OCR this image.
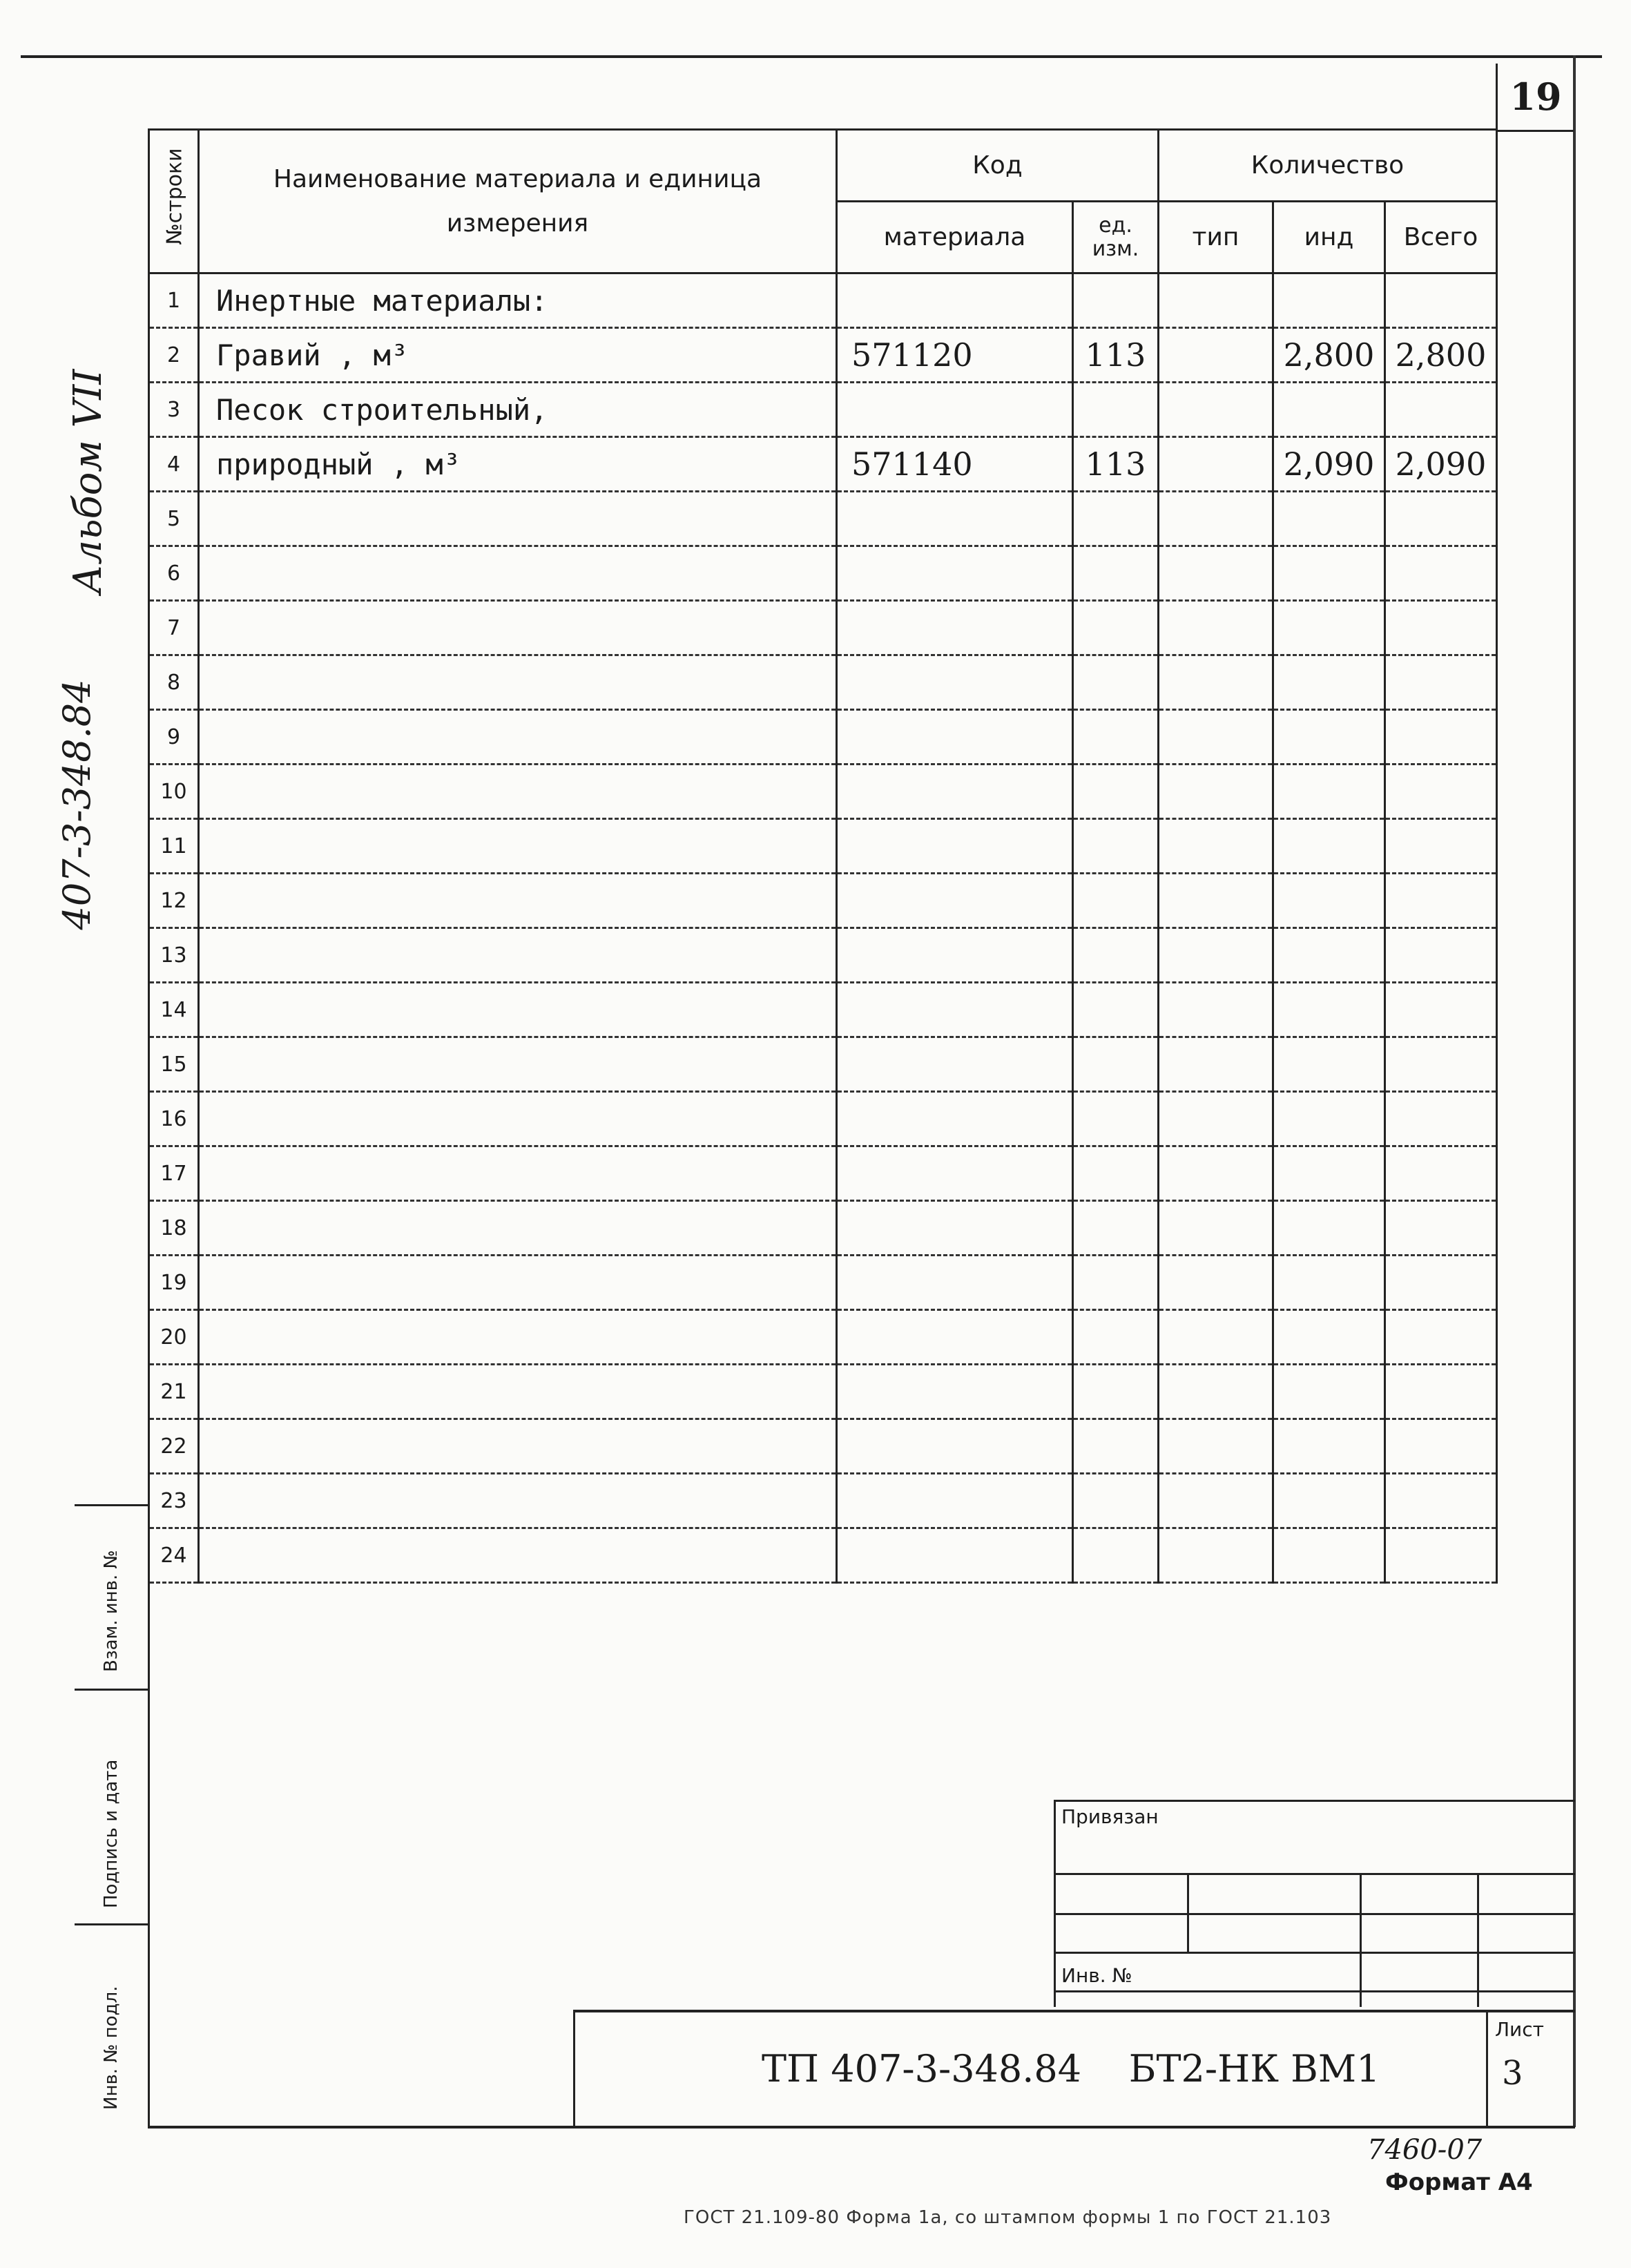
19
Альбом VII
407-3-348.84
№строки	Наименование материала и единица измерения	Код		Количество		
		материала	ед. изм.	тип	инд	Всего
1	Инертные материалы:					
2	Гравий , м³	571120	113		2,800	2,800
3	Песок строительный,					
4	природный , м³	571140	113		2,090	2,090
5						
6						
7						
8						
9						
10						
11						
12						
13						
14						
15						
16						
17						
18						
19						
20						
21						
22						
23						
24						
Взам. инв. №
Подпись и дата
Инв. № подл.
Привязан
Инв. №
ТП 407-3-348.84    БТ2-НК ВМ1
Лист
3
7460-07
Формат А4
ГОСТ 21.109-80 Форма 1а, со штампом формы 1 по ГОСТ 21.103
